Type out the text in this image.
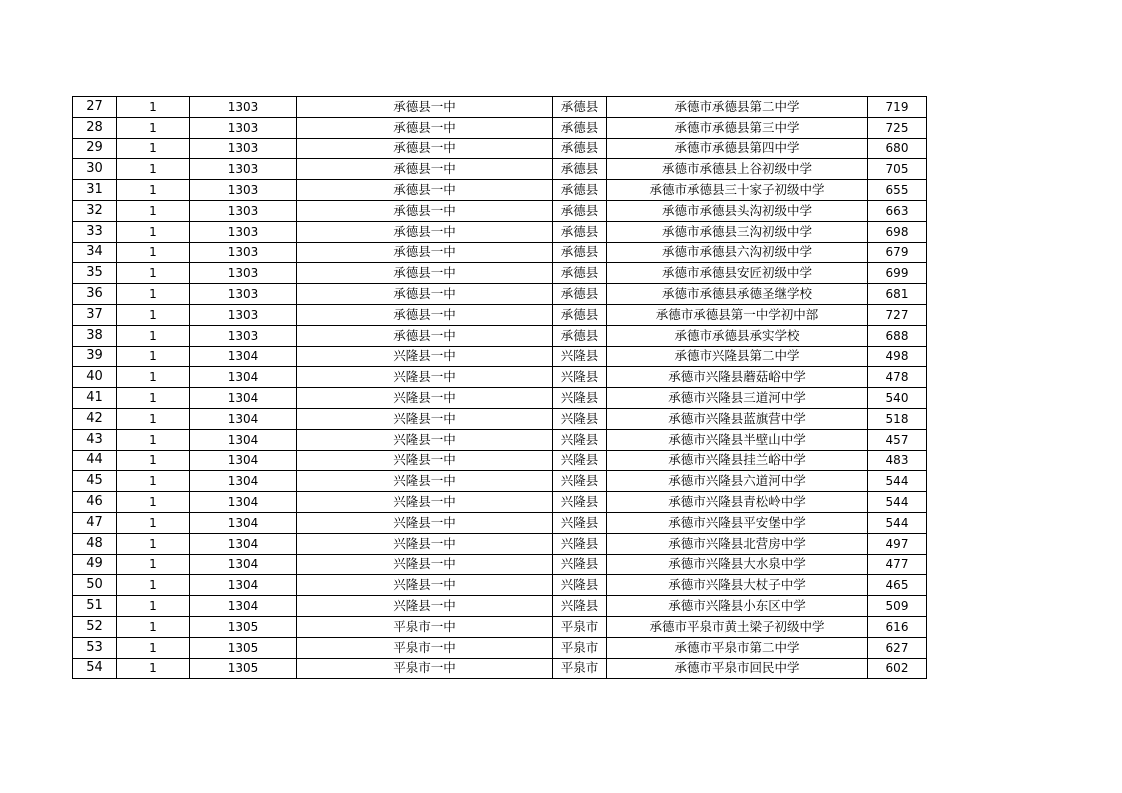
27	1	1303	承德县一中	承德县	承德市承德县第二中学	719
28	1	1303	承德县一中	承德县	承德市承德县第三中学	725
29	1	1303	承德县一中	承德县	承德市承德县第四中学	680
30	1	1303	承德县一中	承德县	承德市承德县上谷初级中学	705
31	1	1303	承德县一中	承德县	承德市承德县三十家子初级中学	655
32	1	1303	承德县一中	承德县	承德市承德县头沟初级中学	663
33	1	1303	承德县一中	承德县	承德市承德县三沟初级中学	698
34	1	1303	承德县一中	承德县	承德市承德县六沟初级中学	679
35	1	1303	承德县一中	承德县	承德市承德县安匠初级中学	699
36	1	1303	承德县一中	承德县	承德市承德县承德圣继学校	681
37	1	1303	承德县一中	承德县	承德市承德县第一中学初中部	727
38	1	1303	承德县一中	承德县	承德市承德县承实学校	688
39	1	1304	兴隆县一中	兴隆县	承德市兴隆县第二中学	498
40	1	1304	兴隆县一中	兴隆县	承德市兴隆县蘑菇峪中学	478
41	1	1304	兴隆县一中	兴隆县	承德市兴隆县三道河中学	540
42	1	1304	兴隆县一中	兴隆县	承德市兴隆县蓝旗营中学	518
43	1	1304	兴隆县一中	兴隆县	承德市兴隆县半壁山中学	457
44	1	1304	兴隆县一中	兴隆县	承德市兴隆县挂兰峪中学	483
45	1	1304	兴隆县一中	兴隆县	承德市兴隆县六道河中学	544
46	1	1304	兴隆县一中	兴隆县	承德市兴隆县青松岭中学	544
47	1	1304	兴隆县一中	兴隆县	承德市兴隆县平安堡中学	544
48	1	1304	兴隆县一中	兴隆县	承德市兴隆县北营房中学	497
49	1	1304	兴隆县一中	兴隆县	承德市兴隆县大水泉中学	477
50	1	1304	兴隆县一中	兴隆县	承德市兴隆县大杖子中学	465
51	1	1304	兴隆县一中	兴隆县	承德市兴隆县小东区中学	509
52	1	1305	平泉市一中	平泉市	承德市平泉市黄土梁子初级中学	616
53	1	1305	平泉市一中	平泉市	承德市平泉市第二中学	627
54	1	1305	平泉市一中	平泉市	承德市平泉市回民中学	602
